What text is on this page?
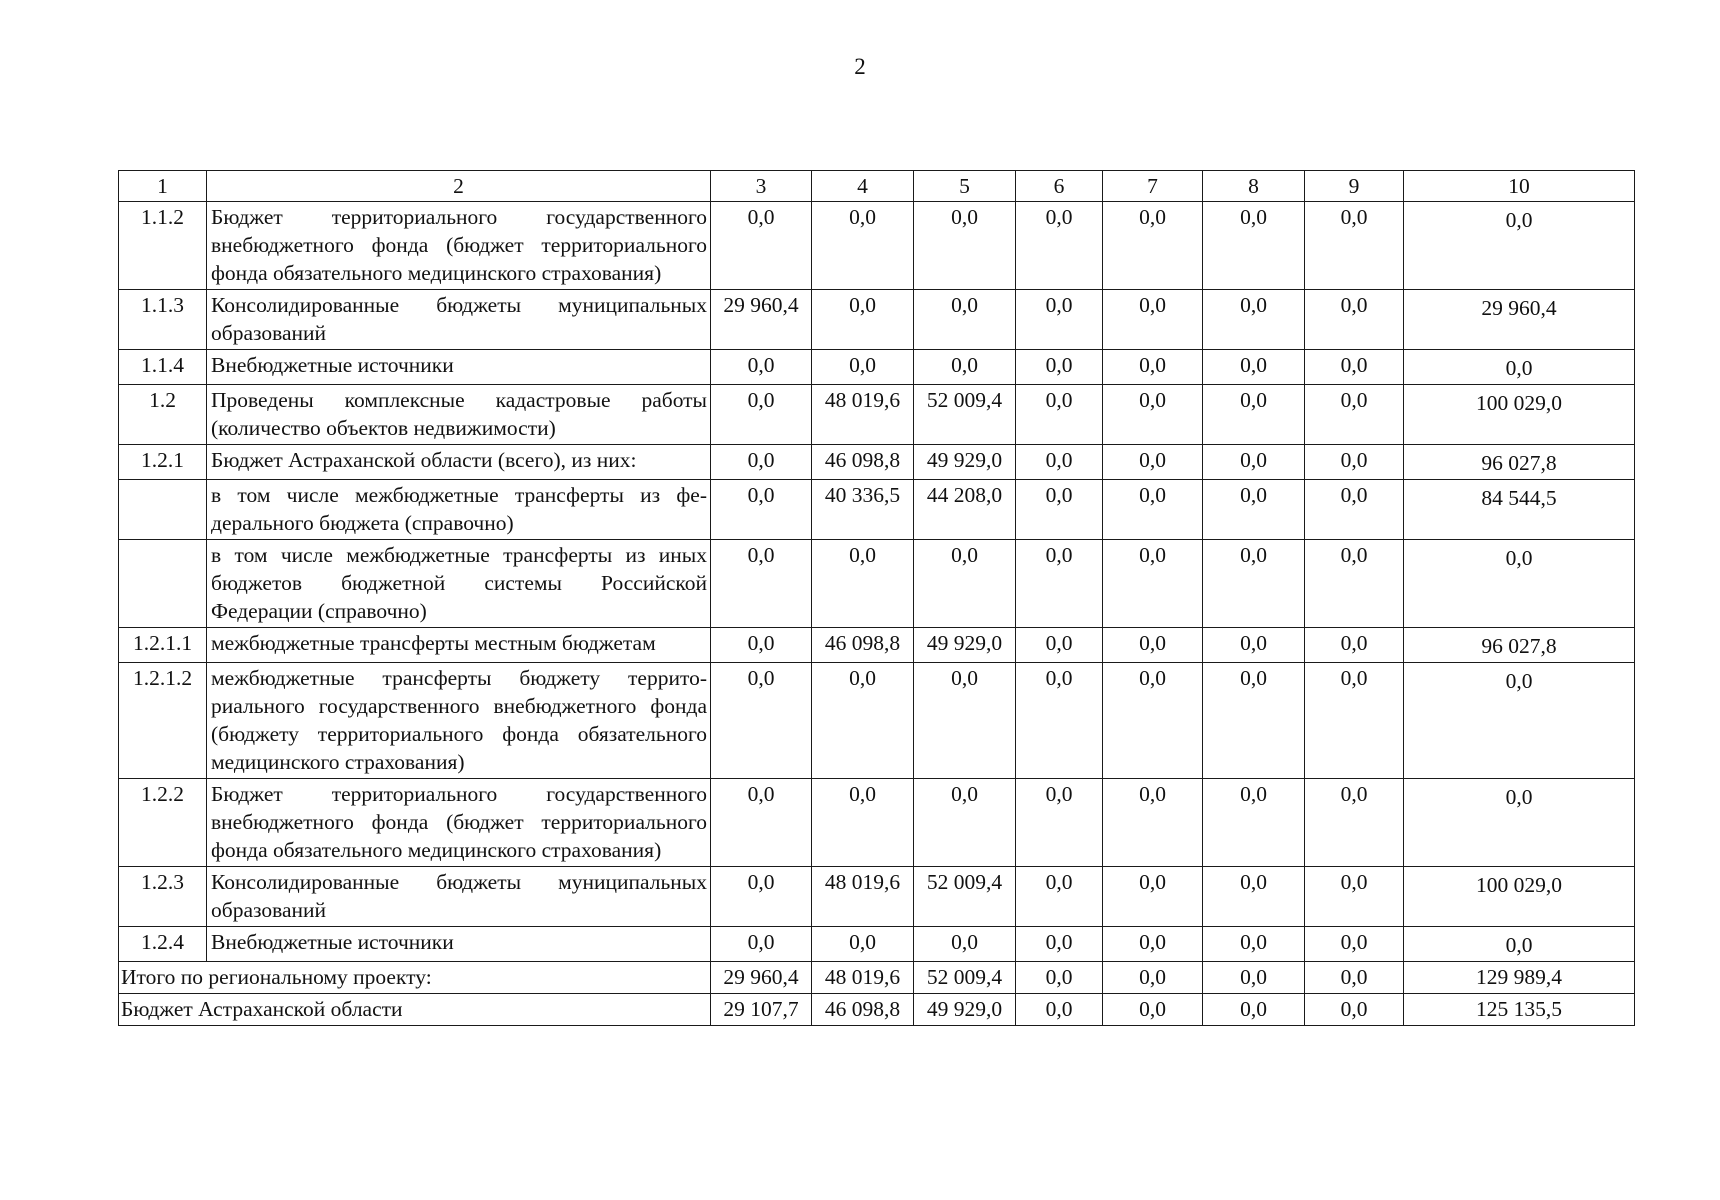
2
1	2	3	4	5	6	7	8	9	10
1.1.2	Бюджет территориального государственного внебюджетного фонда (бюджет территориального фонда обязательного медицинского страхования)	0,0	0,0	0,0	0,0	0,0	0,0	0,0	0,0
1.1.3	Консолидированные бюджеты муниципальных образований	29 960,4	0,0	0,0	0,0	0,0	0,0	0,0	29 960,4
1.1.4	Внебюджетные источники	0,0	0,0	0,0	0,0	0,0	0,0	0,0	0,0
1.2	Проведены комплексные кадастровые работы (количество объектов недвижимости)	0,0	48 019,6	52 009,4	0,0	0,0	0,0	0,0	100 029,0
1.2.1	Бюджет Астраханской области (всего), из них:	0,0	46 098,8	49 929,0	0,0	0,0	0,0	0,0	96 027,8
	в том числе межбюджетные трансферты из федерального бюджета (справочно)	0,0	40 336,5	44 208,0	0,0	0,0	0,0	0,0	84 544,5
	в том числе межбюджетные трансферты из иных бюджетов бюджетной системы Российской Федерации (справочно)	0,0	0,0	0,0	0,0	0,0	0,0	0,0	0,0
1.2.1.1	межбюджетные трансферты местным бюджетам	0,0	46 098,8	49 929,0	0,0	0,0	0,0	0,0	96 027,8
1.2.1.2	межбюджетные трансферты бюджету территориального государственного внебюджетного фонда (бюджету территориального фонда обязательного медицинского страхования)	0,0	0,0	0,0	0,0	0,0	0,0	0,0	0,0
1.2.2	Бюджет территориального государственного внебюджетного фонда (бюджет территориального фонда обязательного медицинского страхования)	0,0	0,0	0,0	0,0	0,0	0,0	0,0	0,0
1.2.3	Консолидированные бюджеты муниципальных образований	0,0	48 019,6	52 009,4	0,0	0,0	0,0	0,0	100 029,0
1.2.4	Внебюджетные источники	0,0	0,0	0,0	0,0	0,0	0,0	0,0	0,0
Итого по региональному проекту:		29 960,4	48 019,6	52 009,4	0,0	0,0	0,0	0,0	129 989,4
Бюджет Астраханской области		29 107,7	46 098,8	49 929,0	0,0	0,0	0,0	0,0	125 135,5
